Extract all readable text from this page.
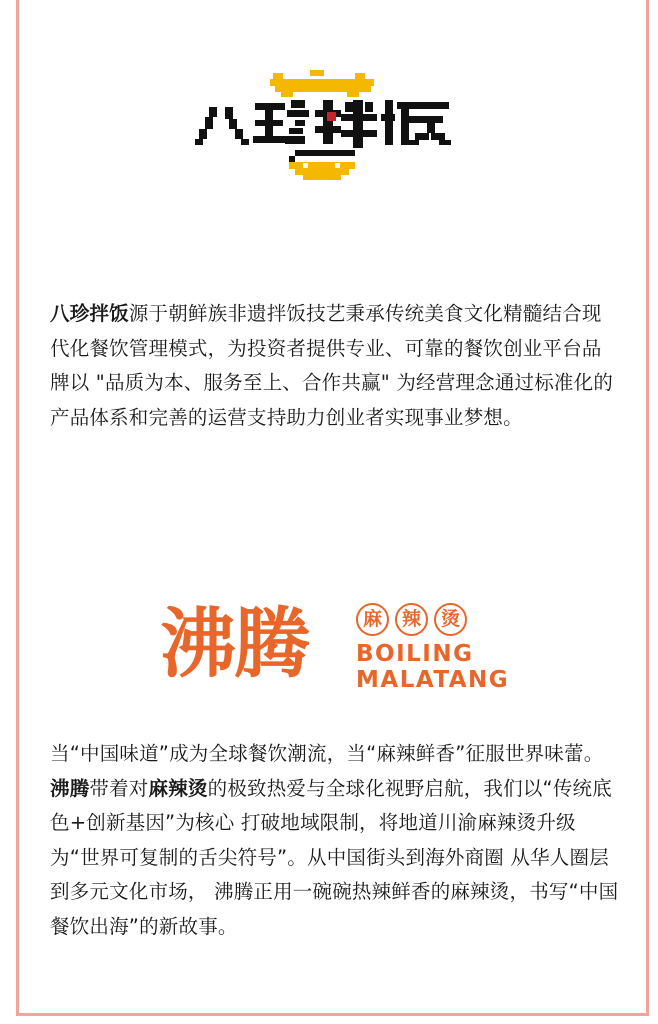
八珍拌饭源于朝鲜族非遗拌饭技艺秉承传统美食文化精髓结合现代化餐饮管理模式，为投资者提供专业、可靠的餐饮创业平台品牌以 "品质为本、服务至上、合作共赢" 为经营理念通过标准化的产品体系和完善的运营支持助力创业者实现事业梦想。
沸腾	麻	辣	烫
BOILING
MALATANG
当“中国味道”成为全球餐饮潮流，当“麻辣鲜香”征服世界味蕾。沸腾带着对麻辣烫的极致热爱与全球化视野启航，我们以“传统底色+创新基因”为核心 打破地域限制，将地道川渝麻辣烫升级为“世界可复制的舌尖符号”。从中国街头到海外商圈 从华人圈层到多元文化市场， 沸腾正用一碗碗热辣鲜香的麻辣烫，书写“中国餐饮出海”的新故事。
